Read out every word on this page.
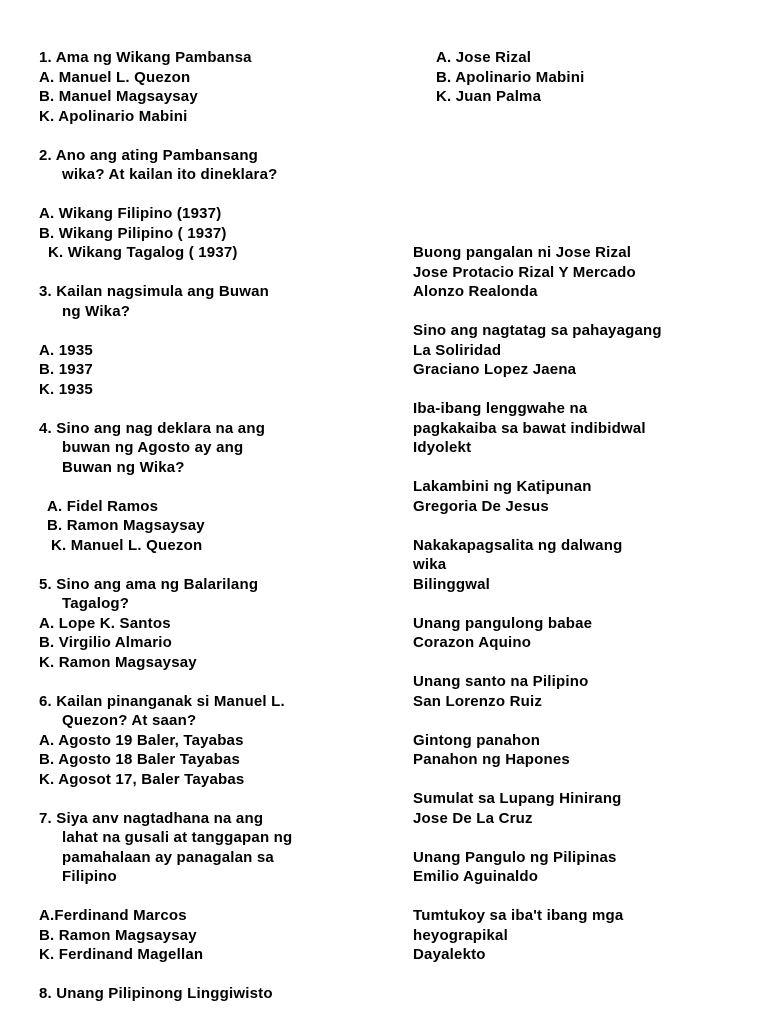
1. Ama ng Wikang Pambansa
A. Manuel L. Quezon
B. Manuel Magsaysay
K. Apolinario Mabini
2. Ano ang ating Pambansang
wika? At kailan ito dineklara?
A. Wikang Filipino (1937)
B. Wikang Pilipino ( 1937)
K. Wikang Tagalog ( 1937)
3. Kailan nagsimula ang Buwan
ng Wika?
A. 1935
B. 1937
K. 1935
4. Sino ang nag deklara na ang
buwan ng Agosto ay ang
Buwan ng Wika?
A. Fidel Ramos
B. Ramon Magsaysay
K. Manuel L. Quezon
5. Sino ang ama ng Balarilang
Tagalog?
A. Lope K. Santos
B. Virgilio Almario
K. Ramon Magsaysay
6. Kailan pinanganak si Manuel L.
Quezon? At saan?
A. Agosto 19 Baler, Tayabas
B. Agosto 18 Baler Tayabas
K. Agosot 17, Baler Tayabas
7. Siya anv nagtadhana na ang
lahat na gusali at tanggapan ng
pamahalaan ay panagalan sa
Filipino
A.Ferdinand Marcos
B. Ramon Magsaysay
K. Ferdinand Magellan
8. Unang Pilipinong Linggiwisto
A. Jose Rizal
B. Apolinario Mabini
K. Juan Palma
Buong pangalan ni Jose Rizal
Jose Protacio Rizal Y Mercado
Alonzo Realonda
Sino ang nagtatag sa pahayagang
La Soliridad
Graciano Lopez Jaena
Iba-ibang lenggwahe na
pagkakaiba sa bawat indibidwal
Idyolekt
Lakambini ng Katipunan
Gregoria De Jesus
Nakakapagsalita ng dalwang
wika
Bilinggwal
Unang pangulong babae
Corazon Aquino
Unang santo na Pilipino
San Lorenzo Ruiz
Gintong panahon
Panahon ng Hapones
Sumulat sa Lupang Hinirang
Jose De La Cruz
Unang Pangulo ng Pilipinas
Emilio Aguinaldo
Tumtukoy sa iba't ibang mga
heyograpikal
Dayalekto
